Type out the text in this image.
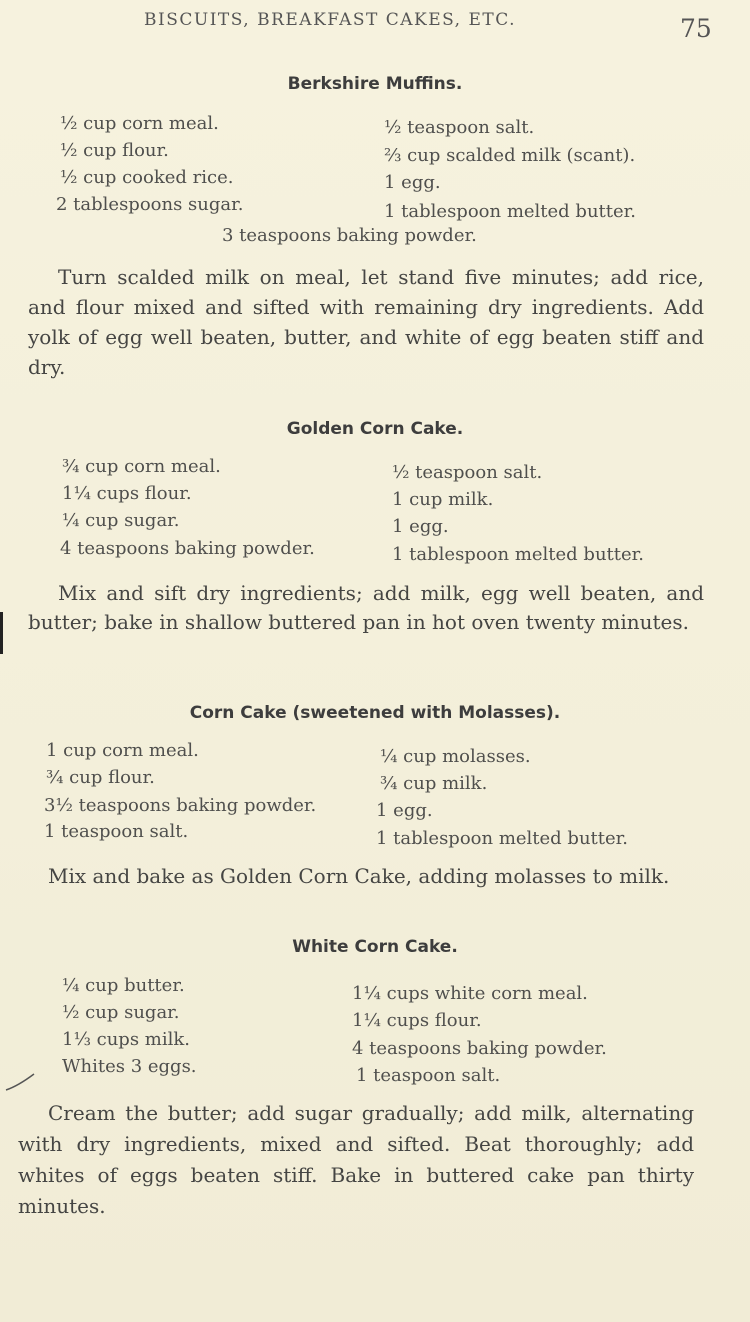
BISCUITS, BREAKFAST CAKES, ETC.	75
Berkshire Muffins.
½ cup corn meal.
½ cup flour.
½ cup cooked rice.
2 tablespoons sugar.
½ teaspoon salt.
⅔ cup scalded milk (scant).
1 egg.
1 tablespoon melted butter.
3 teaspoons baking powder.
Turn scalded milk on meal, let stand five minutes; add rice, and flour mixed and sifted with remaining dry ingredients. Add yolk of egg well beaten, butter, and white of egg beaten stiff and dry.
Golden Corn Cake.
¾ cup corn meal.
1¼ cups flour.
¼ cup sugar.
4 teaspoons baking powder.
½ teaspoon salt.
1 cup milk.
1 egg.
1 tablespoon melted butter.
Mix and sift dry ingredients; add milk, egg well beaten, and butter; bake in shallow buttered pan in hot oven twenty minutes.
Corn Cake (sweetened with Molasses).
1 cup corn meal.
¾ cup flour.
3½ teaspoons baking powder.
1 teaspoon salt.
¼ cup molasses.
¾ cup milk.
1 egg.
1 tablespoon melted butter.
Mix and bake as Golden Corn Cake, adding molasses to milk.
White Corn Cake.
¼ cup butter.
½ cup sugar.
1⅓ cups milk.
Whites 3 eggs.
1¼ cups white corn meal.
1¼ cups flour.
4 teaspoons baking powder.
1 teaspoon salt.
Cream the butter; add sugar gradually; add milk, alternating with dry ingredients, mixed and sifted. Beat thoroughly; add whites of eggs beaten stiff. Bake in buttered cake pan thirty minutes.
